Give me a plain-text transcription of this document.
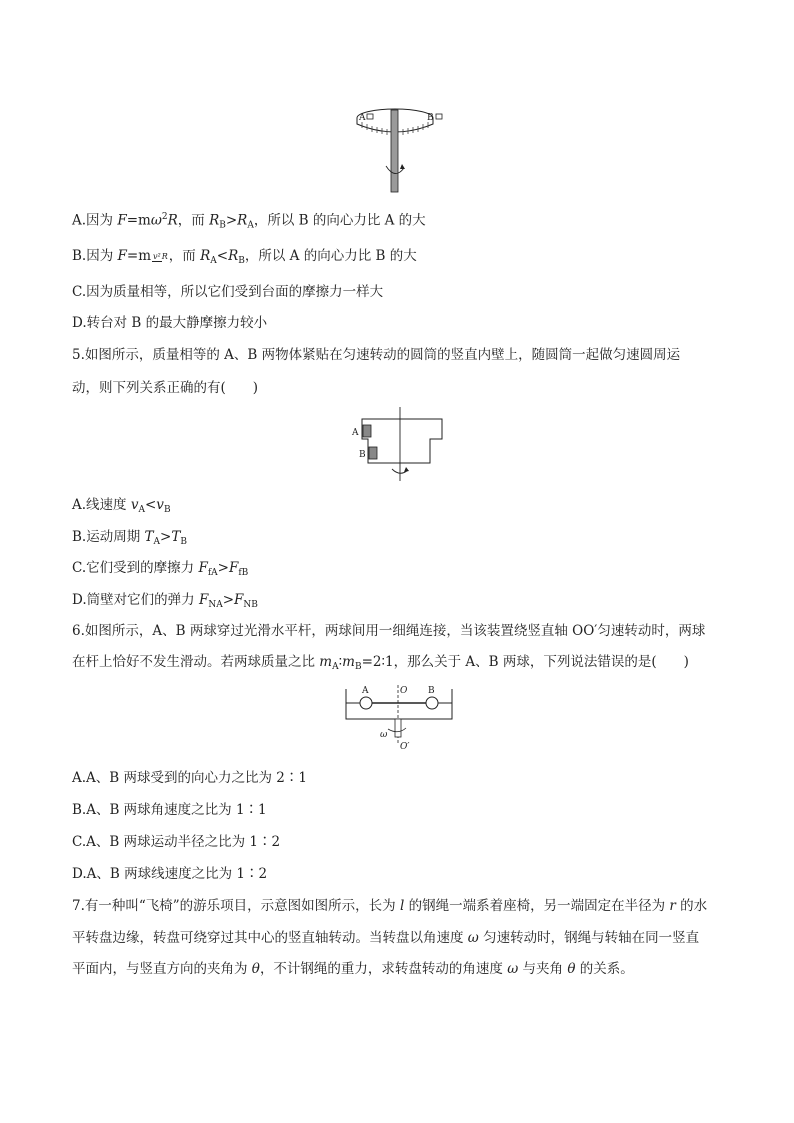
A	B
A.因为 $F=m\omega^2R$，而 $R_B>R_A$，所以 B 的向心力比 A 的大
B.因为 F=m v²R，而 $R_A<R_B$，所以 A 的向心力比 B 的大
C.因为质量相等，所以它们受到台面的摩擦力一样大
D.转台对 B 的最大静摩擦力较小
5.如图所示，质量相等的 A、B 两物体紧贴在匀速转动的圆筒的竖直内壁上，随圆筒一起做匀速圆周运
动，则下列关系正确的有(　　)
A
B
A.线速度 $v_A<v_B$
B.运动周期 $T_A>T_B$
C.它们受到的摩擦力 $F_{fA}>F_{fB}$
D.筒壁对它们的弹力 $F_{NA}>F_{NB}$
6.如图所示，A、B 两球穿过光滑水平杆，两球间用一细绳连接，当该装置绕竖直轴 OO′匀速转动时，两球
在杆上恰好不发生滑动。若两球质量之比 $m_A∶m_B=2∶1$，那么关于 A、B 两球，下列说法错误的是(　　)
A	O B
ω
O′
A.A、B 两球受到的向心力之比为 2∶1
B.A、B 两球角速度之比为 1∶1
C.A、B 两球运动半径之比为 1∶2
D.A、B 两球线速度之比为 1∶2
7.有一种叫“飞椅”的游乐项目，示意图如图所示，长为 l 的钢绳一端系着座椅，另一端固定在半径为 r 的水
平转盘边缘，转盘可绕穿过其中心的竖直轴转动。当转盘以角速度 ω 匀速转动时，钢绳与转轴在同一竖直
平面内，与竖直方向的夹角为 θ，不计钢绳的重力，求转盘转动的角速度 ω 与夹角 θ 的关系。
